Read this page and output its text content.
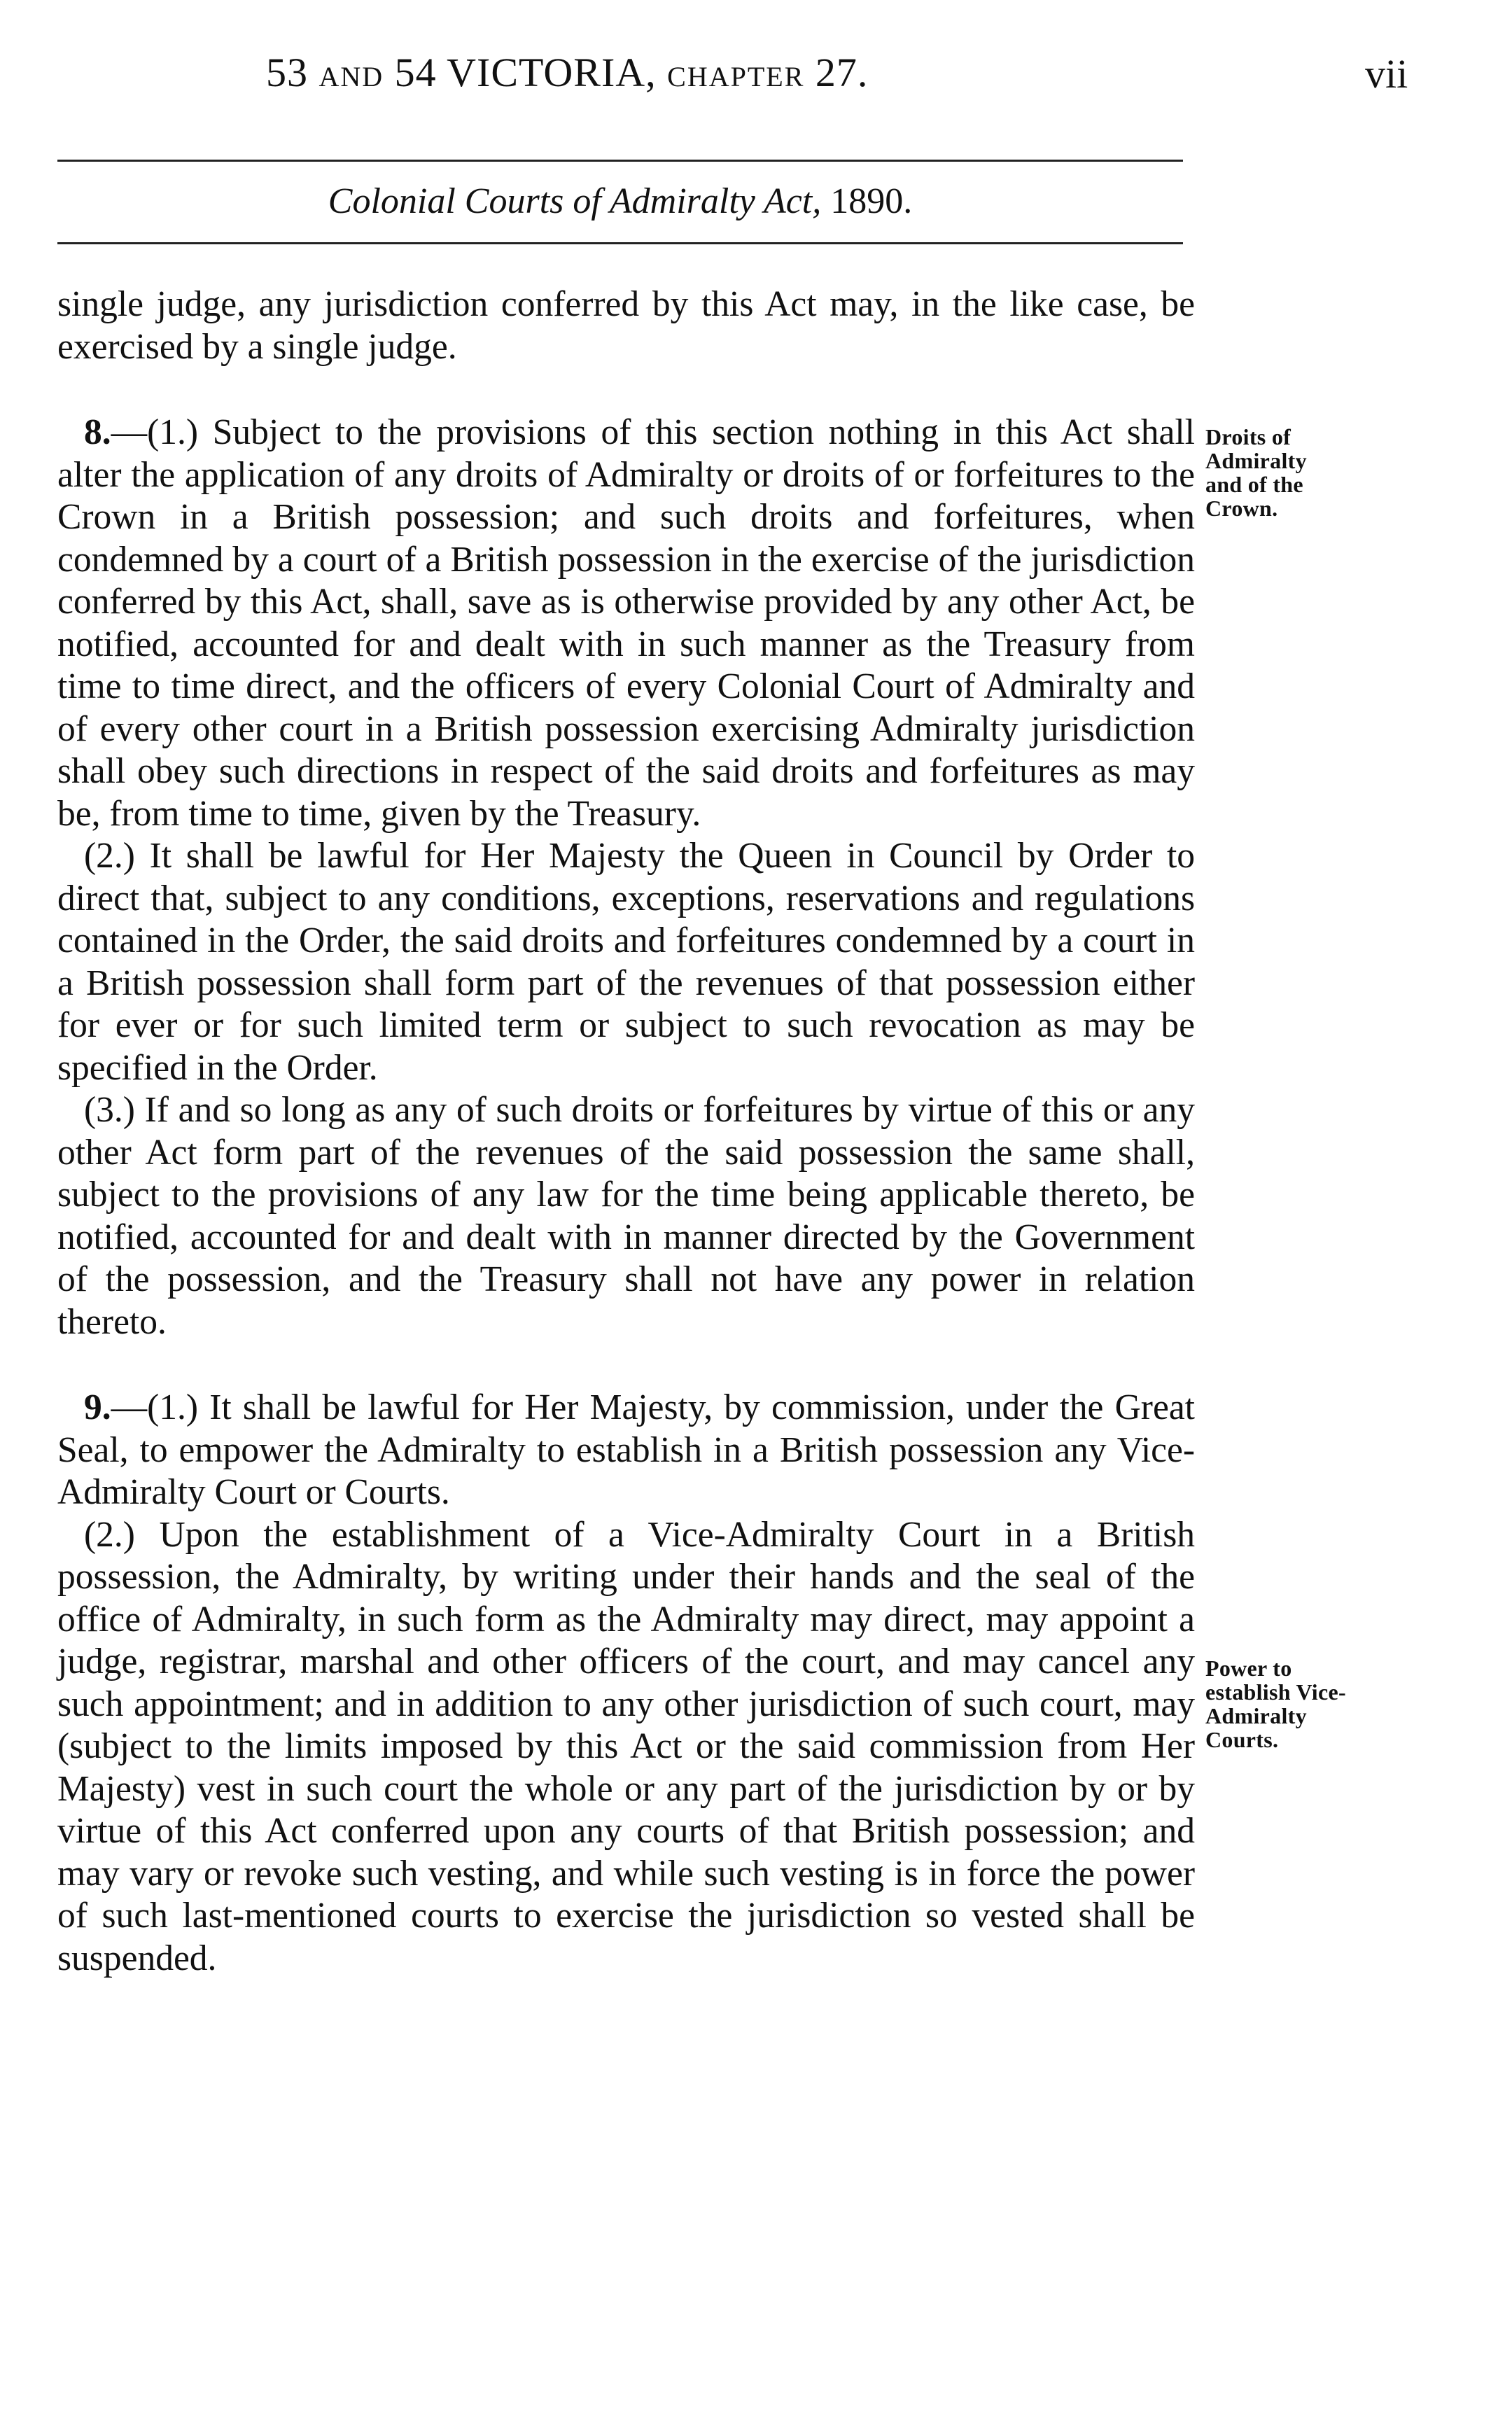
53 AND 54 VICTORIA, CHAPTER 27.	vii
Colonial Courts of Admiralty Act, 1890.

single judge, any jurisdiction conferred by this Act may, in the like case, be exercised by a single judge.

8.—(1.) Subject to the provisions of this section nothing in this Act shall alter the application of any droits of Admiralty or droits of or forfeitures to the Crown in a British possession; and such droits and forfeitures, when condemned by a court of a British possession in the exercise of the jurisdiction conferred by this Act, shall, save as is otherwise provided by any other Act, be notified, accounted for and dealt with in such manner as the Treasury from time to time direct, and the officers of every Colonial Court of Admiralty and of every other court in a British possession exercising Admiralty jurisdiction shall obey such directions in respect of the said droits and forfeitures as may be, from time to time, given by the Treasury.

(2.) It shall be lawful for Her Majesty the Queen in Council by Order to direct that, subject to any conditions, exceptions, reservations and regulations contained in the Order, the said droits and forfeitures condemned by a court in a British possession shall form part of the revenues of that possession either for ever or for such limited term or subject to such revocation as may be specified in the Order.

(3.) If and so long as any of such droits or forfeitures by virtue of this or any other Act form part of the revenues of the said possession the same shall, subject to the provisions of any law for the time being applicable thereto, be notified, accounted for and dealt with in manner directed by the Government of the possession, and the Treasury shall not have any power in relation thereto.

9.—(1.) It shall be lawful for Her Majesty, by commission, under the Great Seal, to empower the Admiralty to establish in a British possession any Vice-Admiralty Court or Courts.

(2.) Upon the establishment of a Vice-Admiralty Court in a British possession, the Admiralty, by writing under their hands and the seal of the office of Admiralty, in such form as the Admiralty may direct, may appoint a judge, registrar, marshal and other officers of the court, and may cancel any such appointment; and in addition to any other jurisdiction of such court, may (subject to the limits imposed by this Act or the said commission from Her Majesty) vest in such court the whole or any part of the jurisdiction by or by virtue of this Act conferred upon any courts of that British possession; and may vary or revoke such vesting, and while such vesting is in force the power of such last-mentioned courts to exercise the jurisdiction so vested shall be suspended.

Droits of
Admiralty
and of the
Crown.
Power to
establish Vice-
Admiralty
Courts.
